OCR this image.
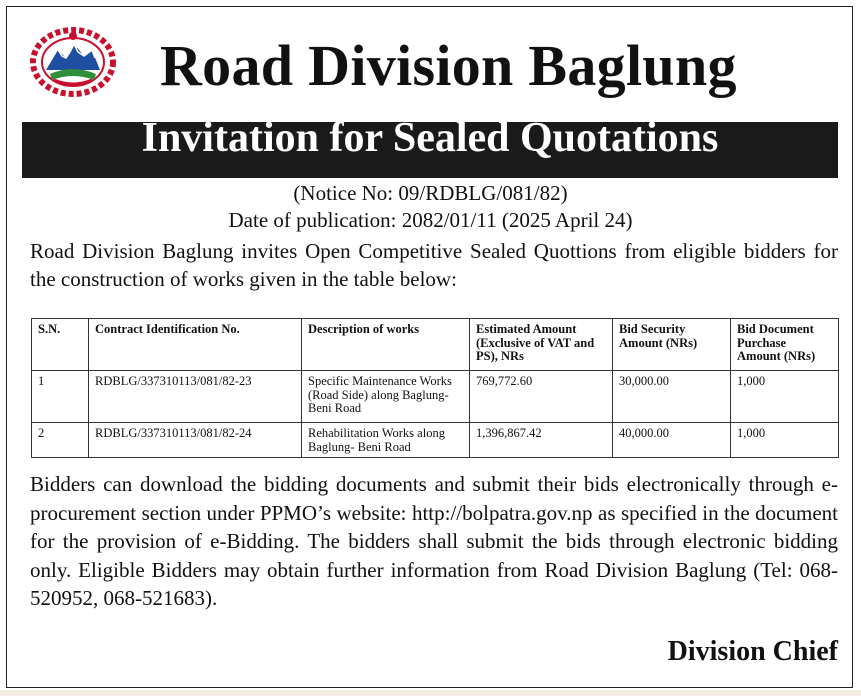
Road Division Baglung
Invitation for Sealed Quotations
(Notice No: 09/RDBLG/081/82)
Date of publication: 2082/01/11 (2025 April 24)
Road Division Baglung invites Open Competitive Sealed Quottions from eligible bidders for the construction of works given in the table below:
S.N.	Contract Identification No.	Description of works	Estimated Amount (Exclusive of VAT and PS), NRs	Bid Security Amount (NRs)	Bid Document Purchase Amount (NRs)
1	RDBLG/337310113/081/82-23	Specific Maintenance Works (Road Side) along Baglung- Beni Road	769,772.60	30,000.00	1,000
2	RDBLG/337310113/081/82-24	Rehabilitation Works along Baglung- Beni Road	1,396,867.42	40,000.00	1,000
Bidders can download the bidding documents and submit their bids electronically through e-procurement section under PPMO’s website: http://bolpatra.gov.np as specified in the document for the provision of e-Bidding. The bidders shall submit the bids through electronic bidding only. Eligible Bidders may obtain further information from Road Division Baglung (Tel: 068-520952, 068-521683).
Division Chief
